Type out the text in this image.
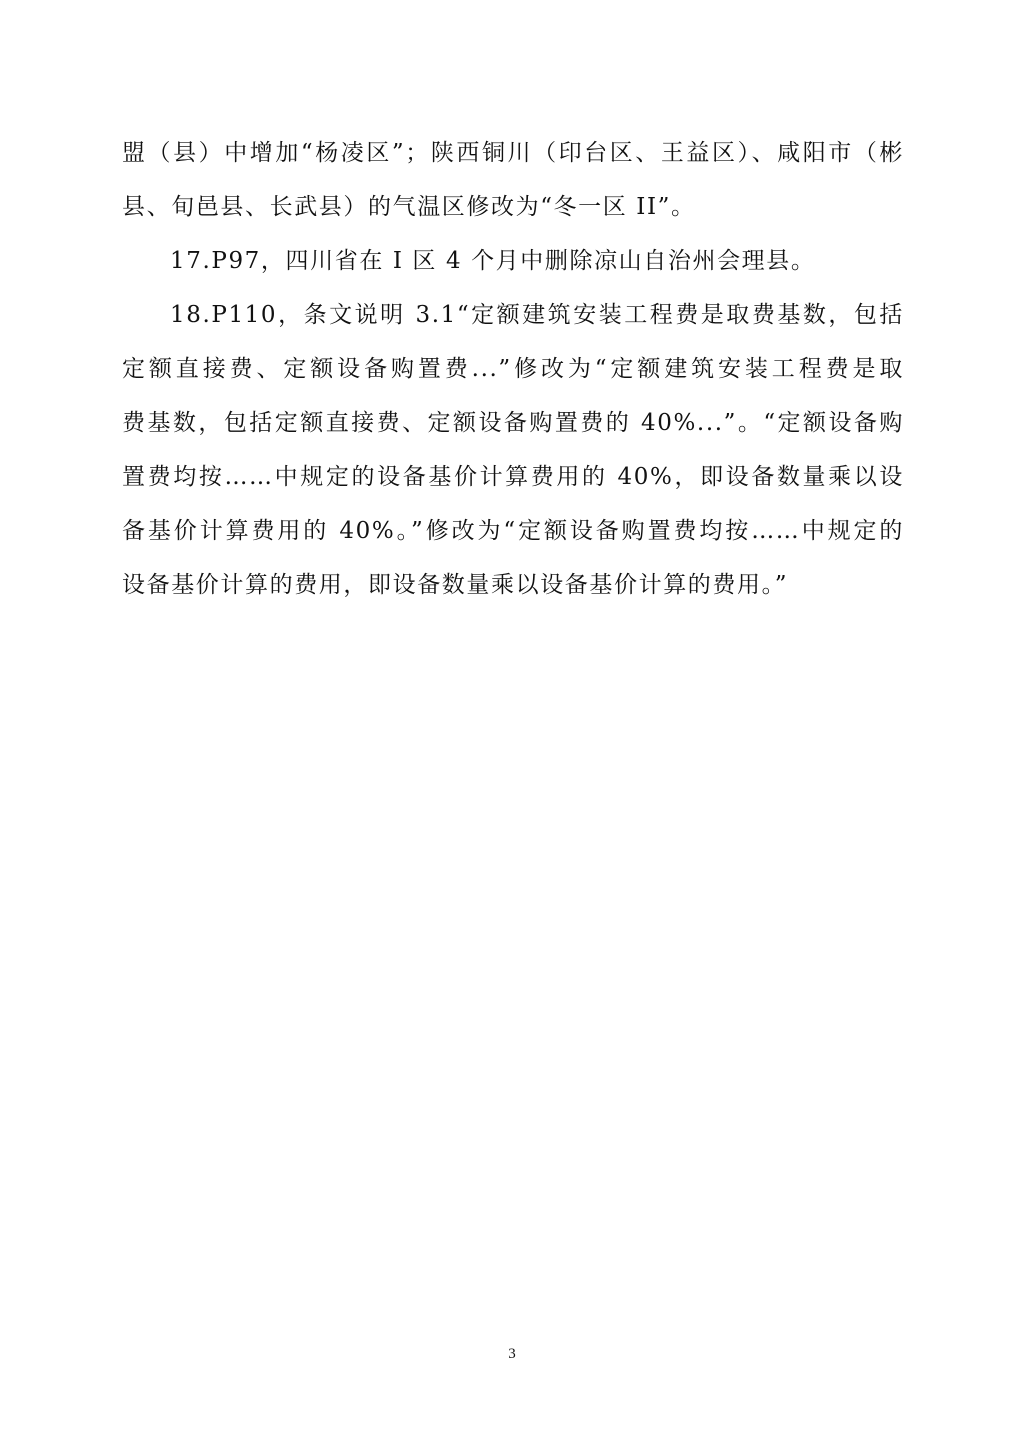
盟（县）中增加“杨凌区”；陕西铜川（印台区、王益区）、咸阳市（彬
县、旬邑县、长武县）的气温区修改为“冬一区 II”。
17.P97，四川省在 I 区 4 个月中删除凉山自治州会理县。
18.P110，条文说明 3.1“定额建筑安装工程费是取费基数，包括
定额直接费、定额设备购置费...”修改为“定额建筑安装工程费是取
费基数，包括定额直接费、定额设备购置费的 40%...”。“定额设备购
置费均按……中规定的设备基价计算费用的 40%，即设备数量乘以设
备基价计算费用的 40%。”修改为“定额设备购置费均按……中规定的
设备基价计算的费用，即设备数量乘以设备基价计算的费用。”
3
